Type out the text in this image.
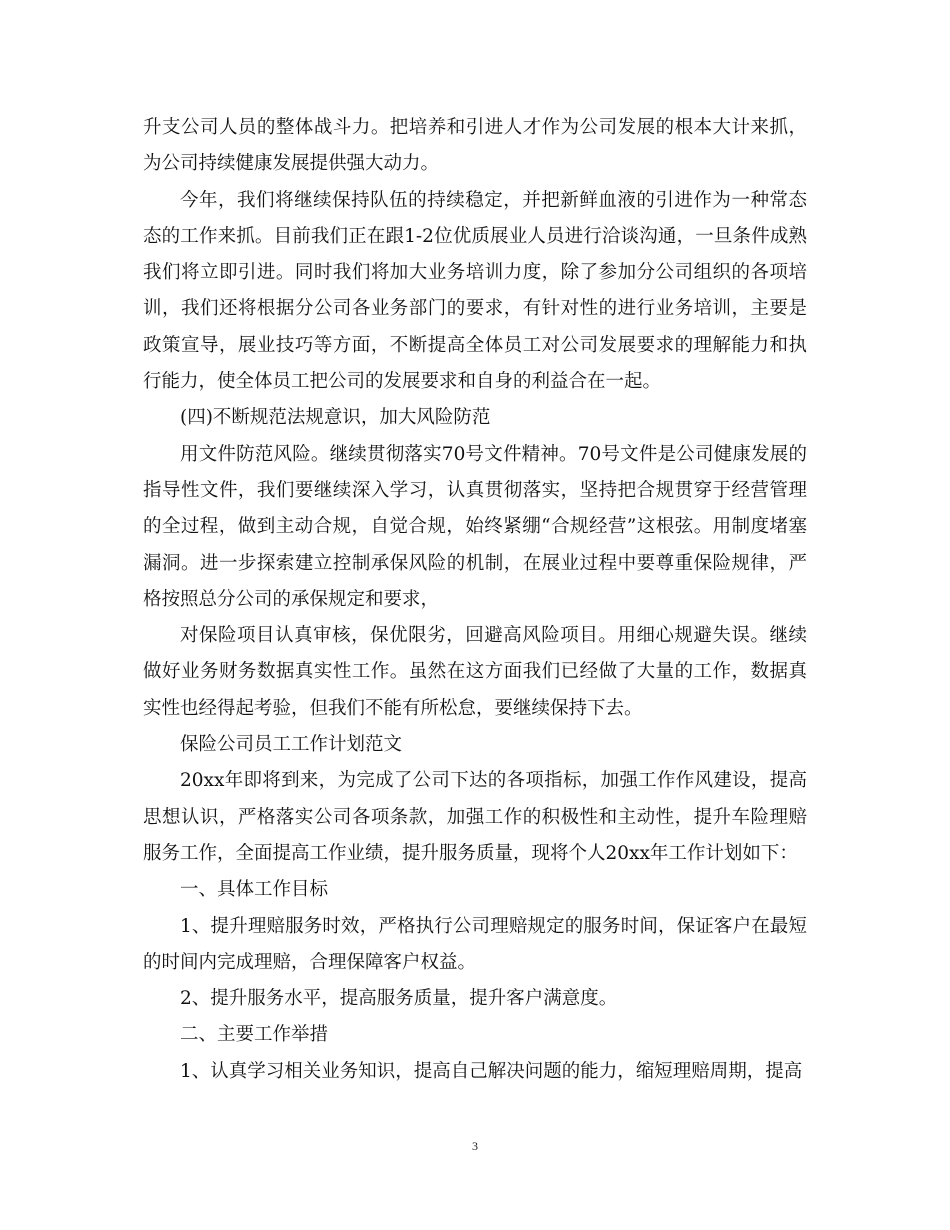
升支公司人员的整体战斗力。把培养和引进人才作为公司发展的根本大计来抓，为公司持续健康发展提供强大动力。

今年，我们将继续保持队伍的持续稳定，并把新鲜血液的引进作为一种常态态的工作来抓。目前我们正在跟1-2位优质展业人员进行洽谈沟通，一旦条件成熟我们将立即引进。同时我们将加大业务培训力度，除了参加分公司组织的各项培训，我们还将根据分公司各业务部门的要求，有针对性的进行业务培训，主要是政策宣导，展业技巧等方面，不断提高全体员工对公司发展要求的理解能力和执行能力，使全体员工把公司的发展要求和自身的利益合在一起。

(四)不断规范法规意识，加大风险防范

用文件防范风险。继续贯彻落实70号文件精神。70号文件是公司健康发展的指导性文件，我们要继续深入学习，认真贯彻落实，坚持把合规贯穿于经营管理的全过程，做到主动合规，自觉合规，始终紧绷“合规经营”这根弦。用制度堵塞漏洞。进一步探索建立控制承保风险的机制，在展业过程中要尊重保险规律，严格按照总分公司的承保规定和要求，

对保险项目认真审核，保优限劣，回避高风险项目。用细心规避失误。继续做好业务财务数据真实性工作。虽然在这方面我们已经做了大量的工作，数据真实性也经得起考验，但我们不能有所松怠，要继续保持下去。

保险公司员工工作计划范文

20xx年即将到来，为完成了公司下达的各项指标，加强工作作风建设，提高思想认识，严格落实公司各项条款，加强工作的积极性和主动性，提升车险理赔服务工作，全面提高工作业绩，提升服务质量，现将个人20xx年工作计划如下：

一、具体工作目标

1、提升理赔服务时效，严格执行公司理赔规定的服务时间，保证客户在最短的时间内完成理赔，合理保障客户权益。

2、提升服务水平，提高服务质量，提升客户满意度。

二、主要工作举措

1、认真学习相关业务知识，提高自己解决问题的能力，缩短理赔周期，提高

3
